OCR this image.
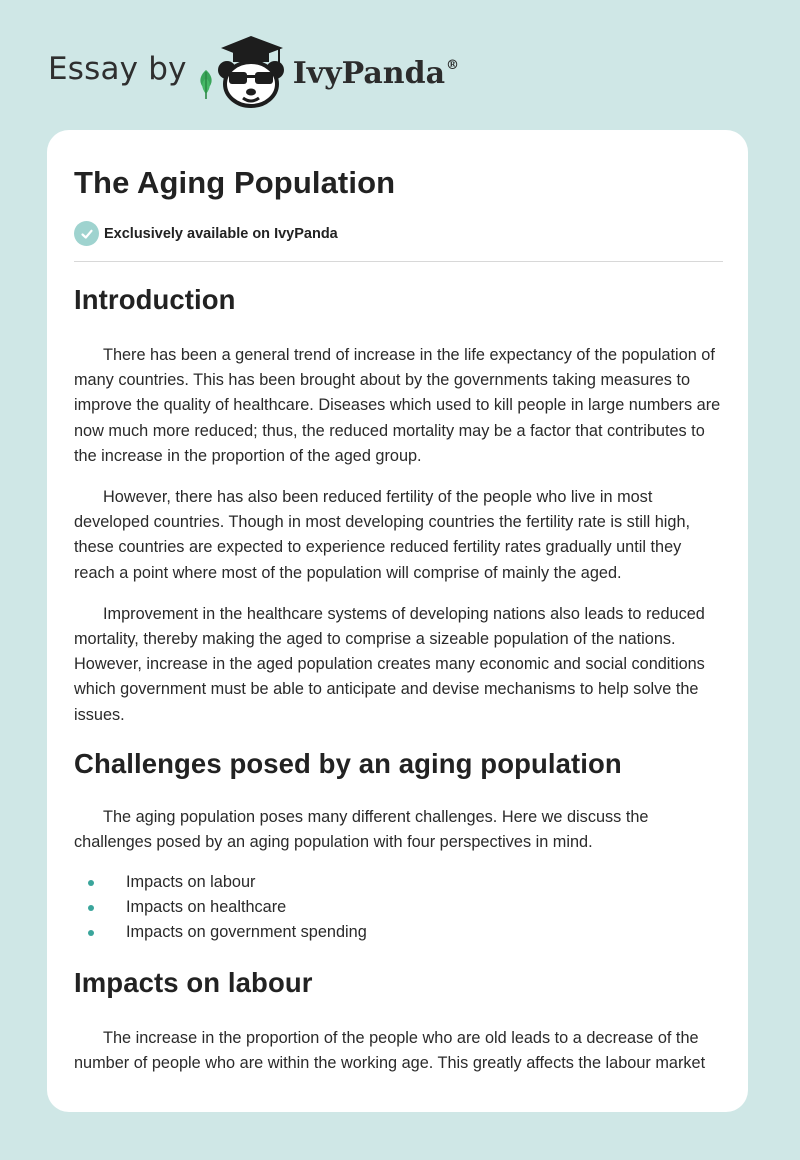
Essay by	IvyPanda®
The Aging Population
Exclusively available on IvyPanda
Introduction

There has been a general trend of increase in the life expectancy of the population of many countries. This has been brought about by the governments taking measures to improve the quality of healthcare. Diseases which used to kill people in large numbers are now much more reduced; thus, the reduced mortality may be a factor that contributes to the increase in the proportion of the aged group.

However, there has also been reduced fertility of the people who live in most developed countries. Though in most developing countries the fertility rate is still high, these countries are expected to experience reduced fertility rates gradually until they reach a point where most of the population will comprise of mainly the aged.

Improvement in the healthcare systems of developing nations also leads to reduced mortality, thereby making the aged to comprise a sizeable population of the nations. However, increase in the aged population creates many economic and social conditions which government must be able to anticipate and devise mechanisms to help solve the issues.

Challenges posed by an aging population

The aging population poses many different challenges. Here we discuss the challenges posed by an aging population with four perspectives in mind.

Impacts on labour
Impacts on healthcare
Impacts on government spending
Impacts on labour

The increase in the proportion of the people who are old leads to a decrease of the number of people who are within the working age. This greatly affects the labour market
